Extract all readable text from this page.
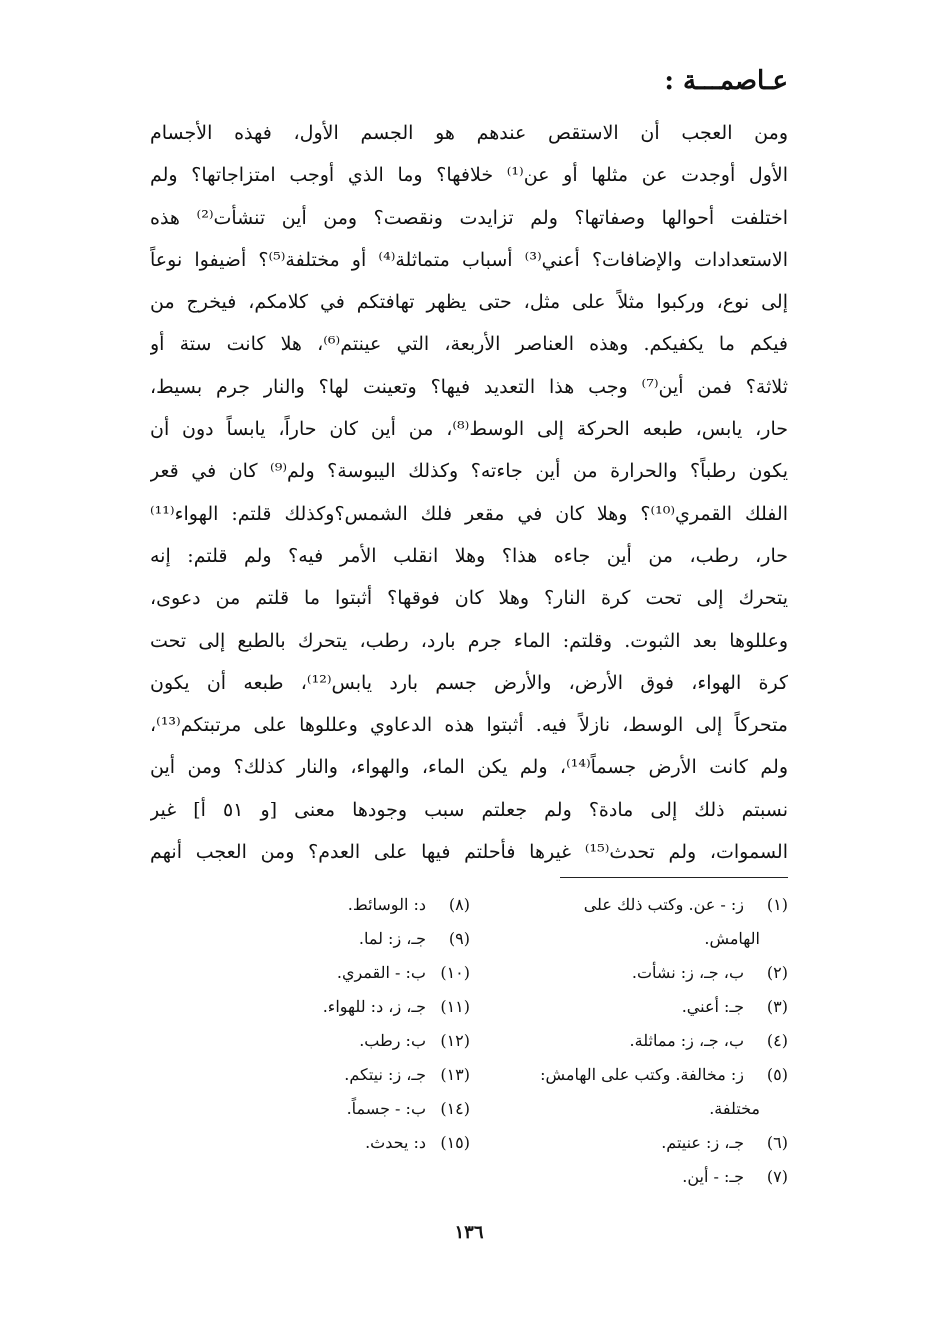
عـاصمـــة :
ومن العجب أن الاستقص عندهم هو الجسم الأول، فهذه الأجسام
الأول أوجدت عن مثلها أو عن⁽¹⁾ خلافها؟ وما الذي أوجب امتزاجاتها؟ ولم
اختلفت أحوالها وصفاتها؟ ولم تزايدت ونقصت؟ ومن أين تنشأت⁽²⁾ هذه
الاستعدادات والإضافات؟ أعني⁽³⁾ أسباب متماثلة⁽⁴⁾ أو مختلفة⁽⁵⁾؟ أضيفوا نوعاً
إلى نوع، وركبوا مثلاً على مثل، حتى يظهر تهافتكم في كلامكم، فيخرج من
فيكم ما يكفيكم. وهذه العناصر الأربعة، التي عينتم⁽⁶⁾، هلا كانت ستة أو
ثلاثة؟ فمن أين⁽⁷⁾ وجب هذا التعديد فيها؟ وتعينت لها؟ والنار جرم بسيط،
حار، يابس، طبعه الحركة إلى الوسط⁽⁸⁾، من أين كان حاراً، يابساً دون أن
يكون رطباً؟ والحرارة من أين جاءته؟ وكذلك اليبوسة؟ ولم⁽⁹⁾ كان في قعر
الفلك القمري⁽¹⁰⁾؟ وهلا كان في مقعر فلك الشمس؟وكذلك قلتم: الهواء⁽¹¹⁾
حار، رطب، من أين جاءه هذا؟ وهلا انقلب الأمر فيه؟ ولم قلتم: إنه
يتحرك إلى تحت كرة النار؟ وهلا كان فوقها؟ أثبتوا ما قلتم من دعوى،
وعللوها بعد الثبوت. وقلتم: الماء جرم بارد، رطب، يتحرك بالطبع إلى تحت
كرة الهواء، فوق الأرض، والأرض جسم بارد يابس⁽¹²⁾، طبعه أن يكون
متحركاً إلى الوسط، نازلاً فيه. أثبتوا هذه الدعاوي وعللوها على مرتبتكم⁽¹³⁾،
ولم كانت الأرض جسماً⁽¹⁴⁾، ولم يكن الماء، والهواء، والنار كذلك؟ ومن أين
نسبتم ذلك إلى مادة؟ ولم جعلتم سبب وجودها معنى [و ٥١ أ] غير
السموات، ولم تحدث⁽¹⁵⁾ غيرها فأحلتم فيها على العدم؟ ومن العجب أنهم
(١)ز: - عن. وكتب ذلك على
الهامش.
(٢)ب، جـ، ز: نشأت.
(٣)جـ: أعني.
(٤)ب، جـ، ز: مماثلة.
(٥)ز: مخالفة. وكتب على الهامش:
مختلفة.
(٦)جـ، ز: عنيتم.
(٧)جـ: - أين.
(٨)د: الوسائط.
(٩)جـ، ز: لما.
(١٠)ب: - القمري.
(١١)جـ، ز، د: للهواء.
(١٢)ب: رطب.
(١٣)جـ، ز: نيتكم.
(١٤)ب: - جسماً.
(١٥)د: يحدث.
١٣٦
